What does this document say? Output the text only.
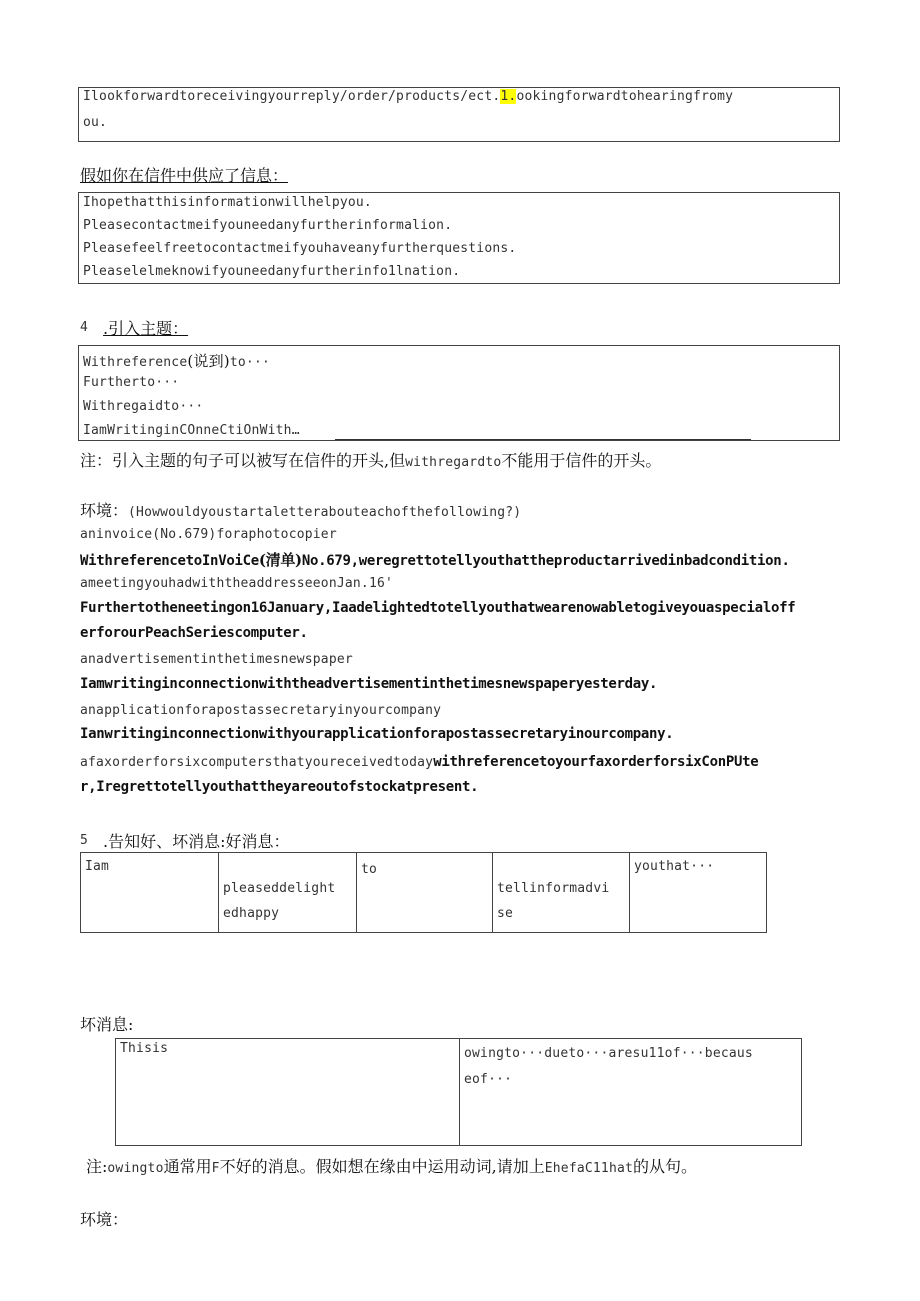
Ilookforwardtoreceivingyourreply/order/products/ect.1.ookingforwardtohearingfromy
ou.
假如你在信件中供应了信息：
Ihopethatthisinformationwillhelpyou.
Pleasecontactmeifyouneedanyfurtherinformalion.
Pleasefeelfreetocontactmeifyouhaveanyfurtherquestions.
Pleaselelmeknowifyouneedanyfurtherinfo1lnation.
4 .引入主题：
Withreference(说到)to···
Furtherto···
Withregaidto···
IamWritinginCOnneCtiOnWith…
注：引入主题的句子可以被写在信件的开头,但withregardto不能用于信件的开头。
环境：(Howwouldyoustartaletterabouteachofthefollowing?)
aninvoice(No.679)foraphotocopier
WithreferencetoInVoiCe(清单)No.679,weregrettotellyouthattheproductarrivedinbadcondition.
ameetingyouhadwiththeaddresseeonJan.16'
Furthertotheneetingon16January,Iaadelightedtotellyouthatwearenowabletogiveyouaspecialoff
erforourPeachSeriescomputer.
anadvertisementinthetimesnewspaper
Iamwritinginconnectionwiththeadvertisementinthetimesnewspaperyesterday.
anapplicationforapostassecretaryinyourcompany
Ianwritinginconnectionwithyourapplicationforapostassecretaryinourcompany.
afaxorderforsixcomputersthatyoureceivedtodaywithreferencetoyourfaxorderforsixConPUte
r,Iregrettotellyouthattheyareoutofstockatpresent.
5 .告知好、坏消息:好消息：
Iam
pleaseddelight
edhappy
to
tellinformadvi
se
youthat···
坏消息:
Thisis	owingto···dueto···aresu11of···becaus
eof···
注:owingto通常用F不好的消息。假如想在缘由中运用动词,请加上EhefaC11hat的从句。
环境：
